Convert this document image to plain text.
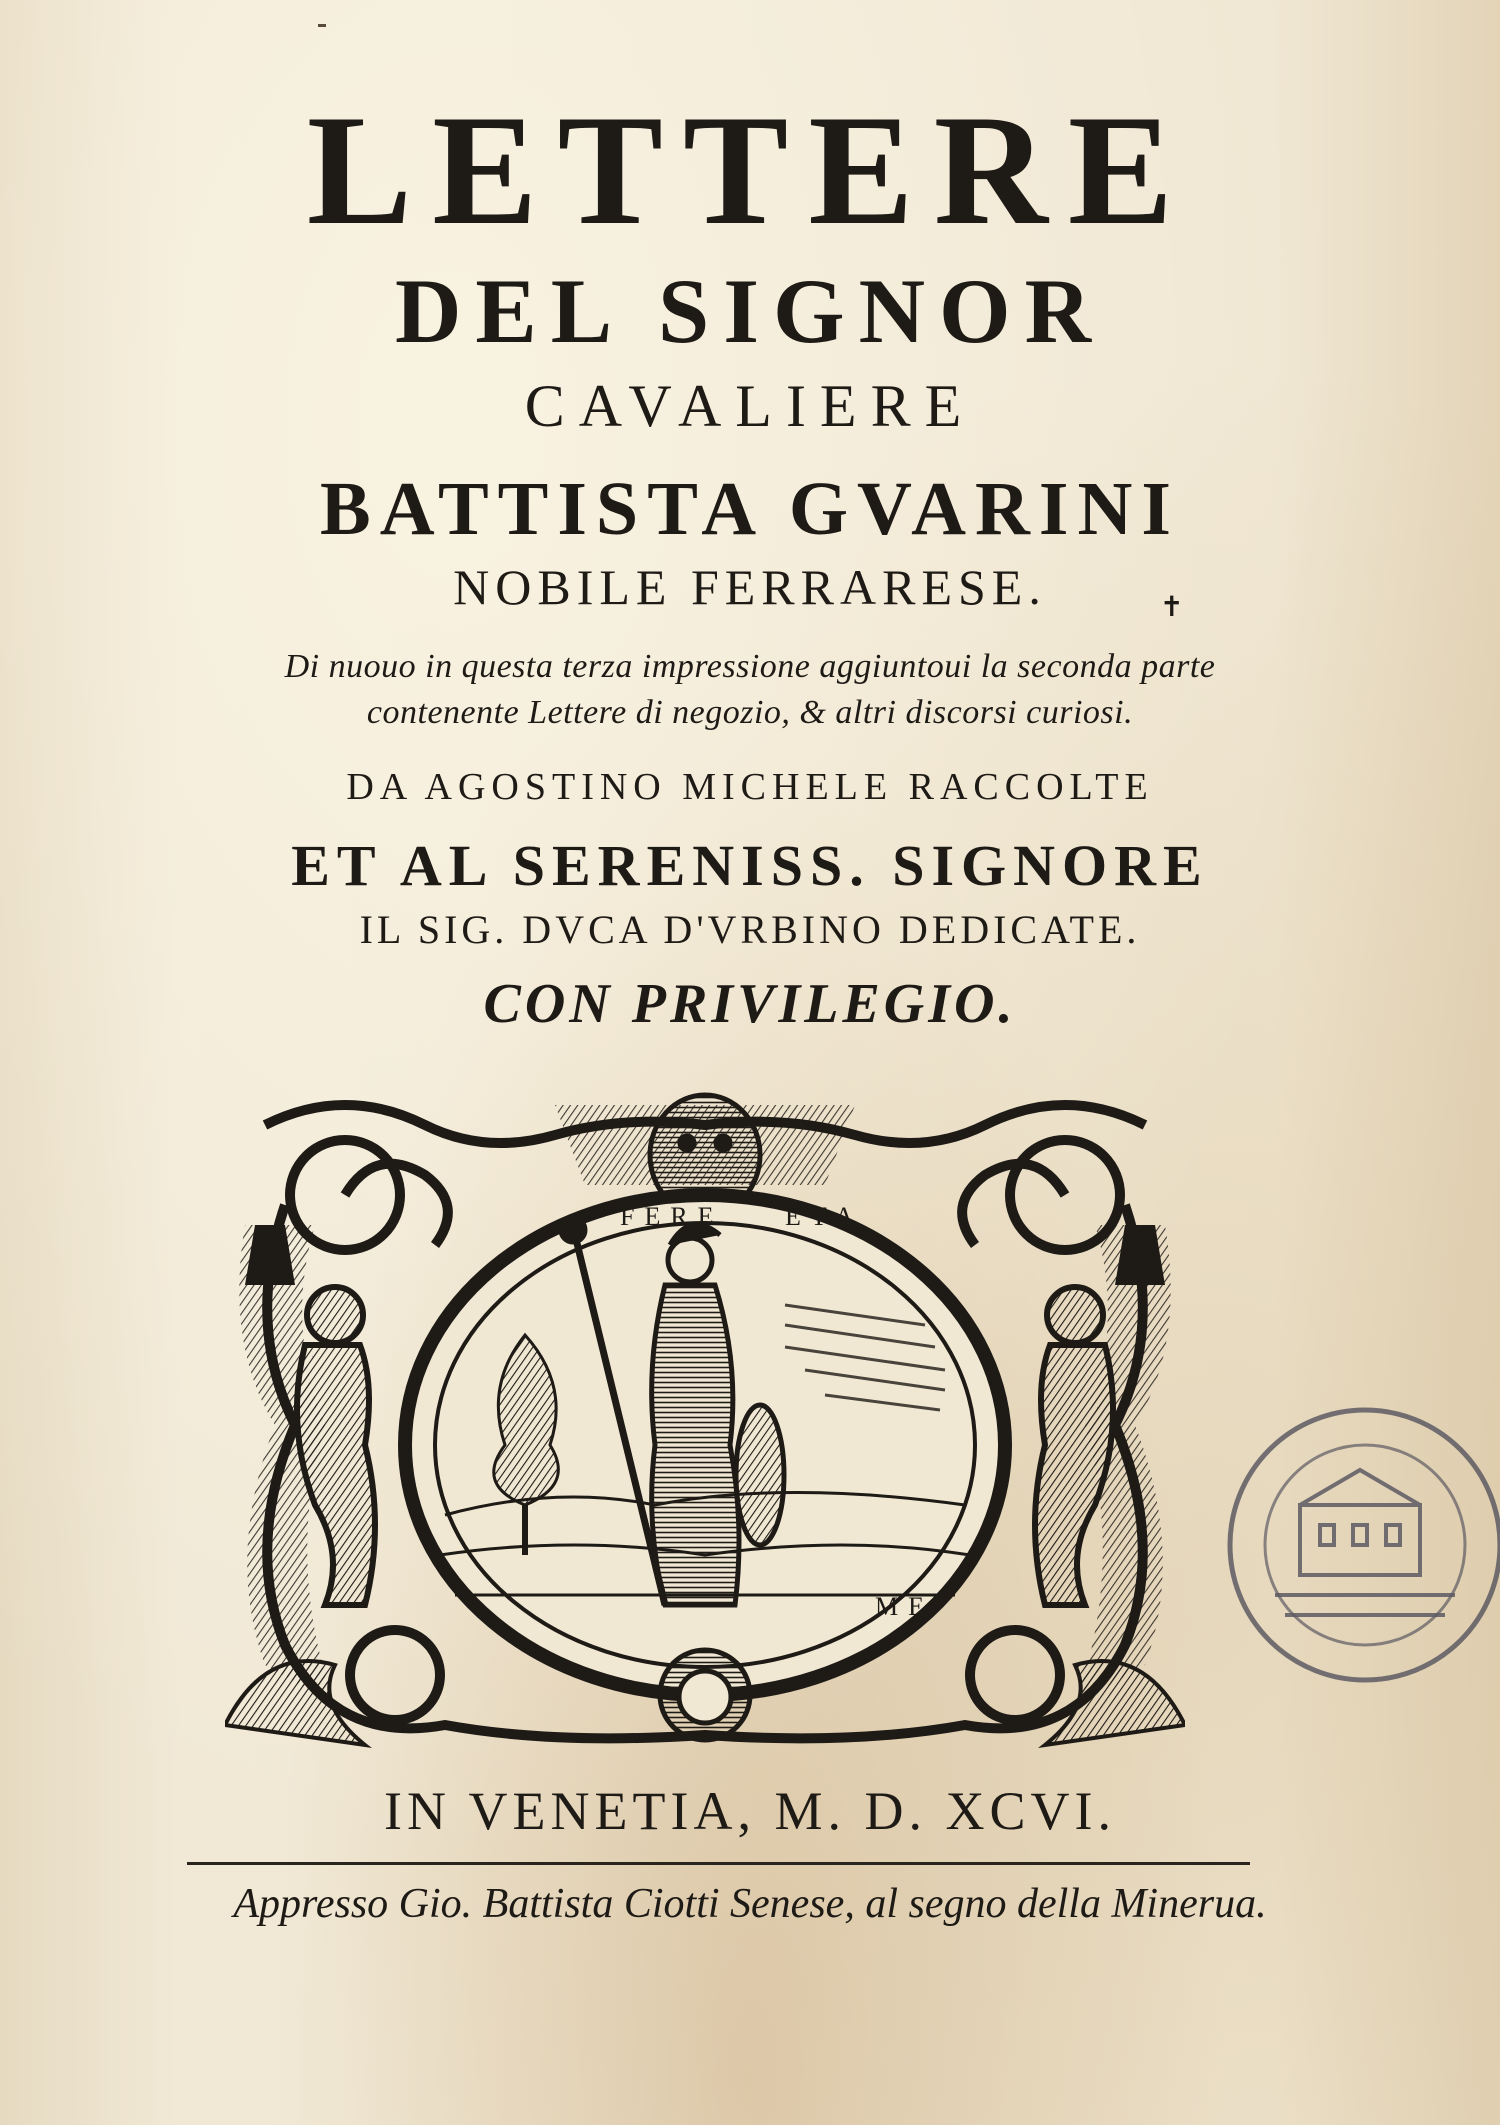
LETTERE
DEL SIGNOR
CAVALIERE
BATTISTA GVARINI
NOBILE FERRARESE.	✝
Di nuouo in questa terza impressione aggiuntoui la seconda parte
contenente Lettere di negozio, & altri discorsi curiosi.
DA AGOSTINO MICHELE RACCOLTE
ET AL SERENISS. SIGNORE
IL SIG. DVCA D'VRBINO DEDICATE.
CON PRIVILEGIO.
FERE ETA
ME
IN VENETIA, M. D. XCVI.
Appresso Gio. Battista Ciotti Senese, al segno della Minerua.
